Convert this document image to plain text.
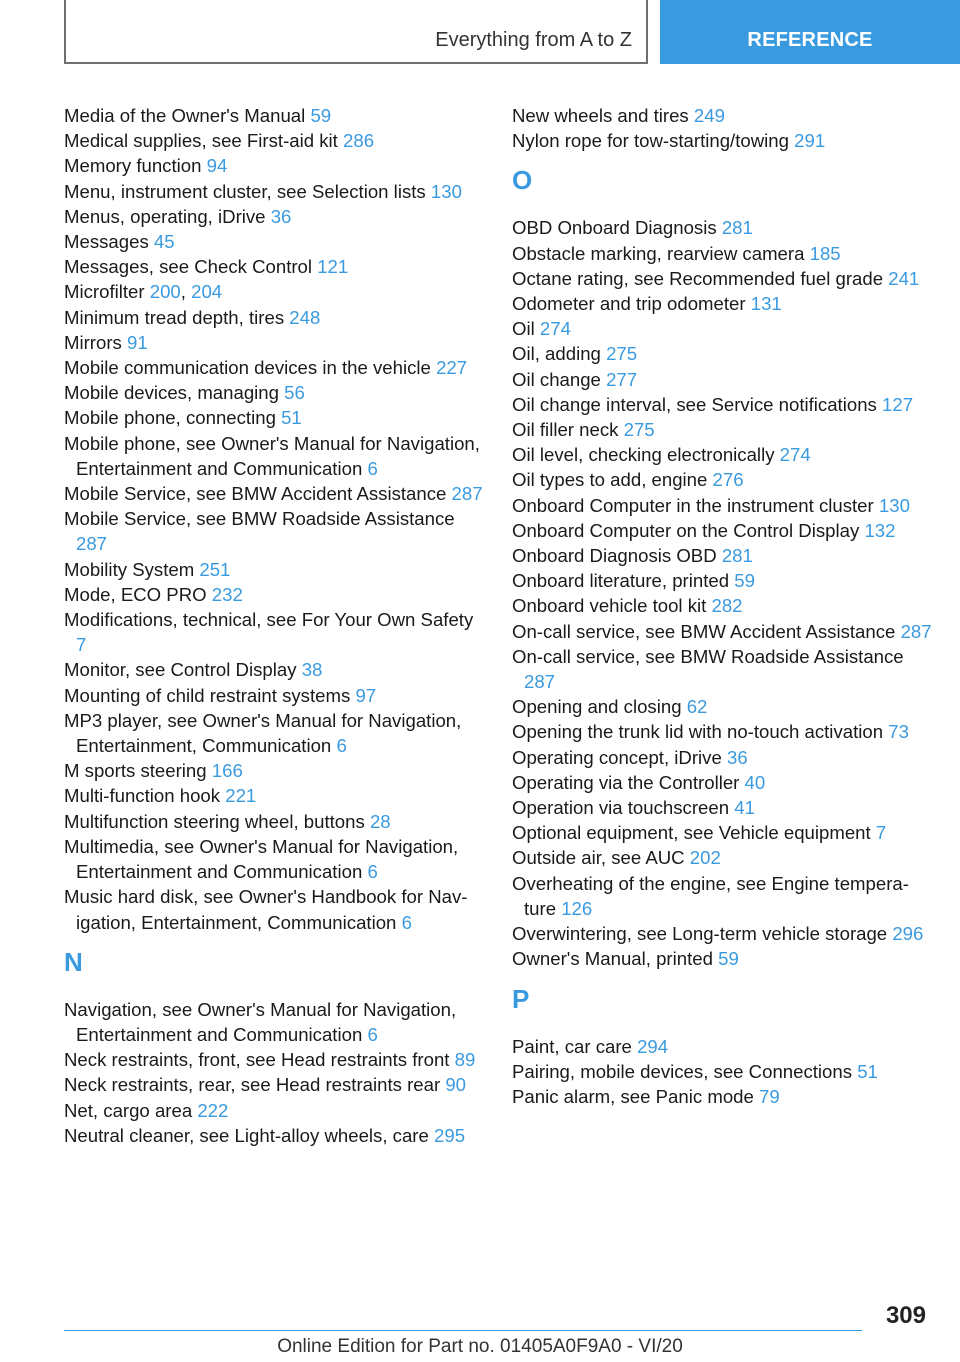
Everything from A to Z	REFERENCE
Media of the Owner's Manual 59
Medical supplies, see First-aid kit 286
Memory function 94
Menu, instrument cluster, see Selection lists 130
Menus, operating, iDrive 36
Messages 45
Messages, see Check Control 121
Microfilter 200, 204
Minimum tread depth, tires 248
Mirrors 91
Mobile communication devices in the vehicle 227
Mobile devices, managing 56
Mobile phone, connecting 51
Mobile phone, see Owner's Manual for Navigation, Entertainment and Communication 6
Mobile Service, see BMW Accident Assistance 287
Mobile Service, see BMW Roadside Assistance 287
Mobility System 251
Mode, ECO PRO 232
Modifications, technical, see For Your Own Safety 7
Monitor, see Control Display 38
Mounting of child restraint systems 97
MP3 player, see Owner's Manual for Navigation, Entertainment, Communication 6
M sports steering 166
Multi-function hook 221
Multifunction steering wheel, buttons 28
Multimedia, see Owner's Manual for Navigation, Entertainment and Communication 6
Music hard disk, see Owner's Handbook for Navigation, Entertainment, Communication 6
N
Navigation, see Owner's Manual for Navigation, Entertainment and Communication 6
Neck restraints, front, see Head restraints front 89
Neck restraints, rear, see Head restraints rear 90
Net, cargo area 222
Neutral cleaner, see Light-alloy wheels, care 295
New wheels and tires 249
Nylon rope for tow-starting/towing 291
O
OBD Onboard Diagnosis 281
Obstacle marking, rearview camera 185
Octane rating, see Recommended fuel grade 241
Odometer and trip odometer 131
Oil 274
Oil, adding 275
Oil change 277
Oil change interval, see Service notifications 127
Oil filler neck 275
Oil level, checking electronically 274
Oil types to add, engine 276
Onboard Computer in the instrument cluster 130
Onboard Computer on the Control Display 132
Onboard Diagnosis OBD 281
Onboard literature, printed 59
Onboard vehicle tool kit 282
On-call service, see BMW Accident Assistance 287
On-call service, see BMW Roadside Assistance 287
Opening and closing 62
Opening the trunk lid with no-touch activation 73
Operating concept, iDrive 36
Operating via the Controller 40
Operation via touchscreen 41
Optional equipment, see Vehicle equipment 7
Outside air, see AUC 202
Overheating of the engine, see Engine temperature 126
Overwintering, see Long-term vehicle storage 296
Owner's Manual, printed 59
P
Paint, car care 294
Pairing, mobile devices, see Connections 51
Panic alarm, see Panic mode 79
309
Online Edition for Part no. 01405A0F9A0 - VI/20
